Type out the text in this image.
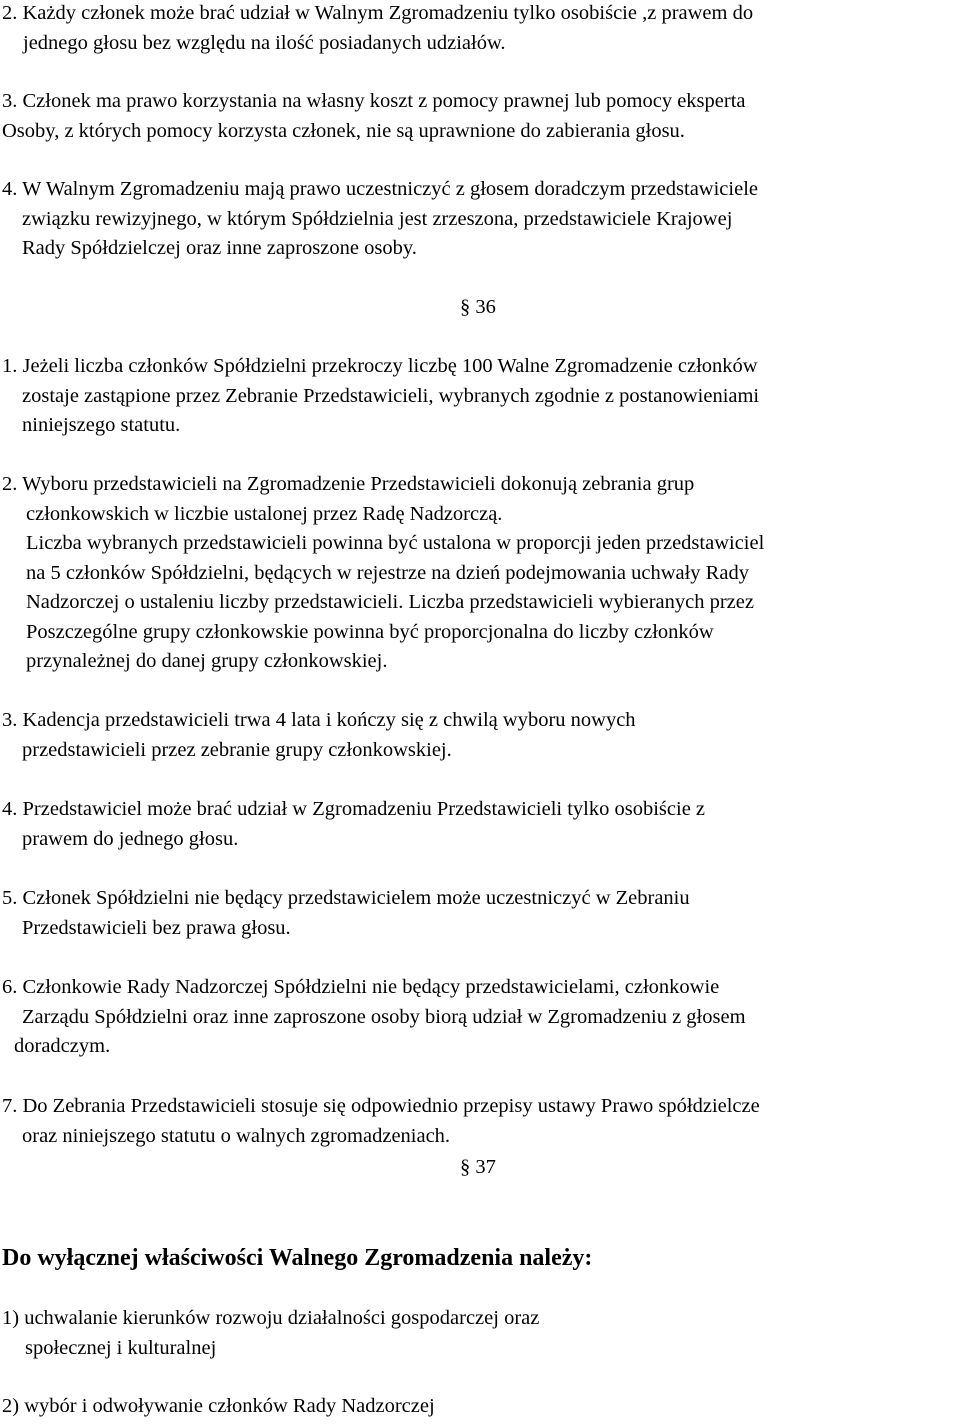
2. Każdy członek może brać udział w Walnym Zgromadzeniu tylko osobiście ,z prawem do
jednego głosu bez względu na ilość posiadanych udziałów.
3. Członek ma prawo korzystania na własny koszt z pomocy prawnej lub pomocy eksperta
Osoby, z których pomocy korzysta członek, nie są uprawnione do zabierania głosu.
4. W Walnym Zgromadzeniu mają prawo uczestniczyć z głosem doradczym przedstawiciele
związku rewizyjnego, w którym Spółdzielnia jest zrzeszona, przedstawiciele Krajowej
Rady Spółdzielczej oraz inne zaproszone osoby.
§ 36
1. Jeżeli liczba członków Spółdzielni przekroczy liczbę 100 Walne Zgromadzenie członków
zostaje zastąpione przez Zebranie Przedstawicieli, wybranych zgodnie z postanowieniami
niniejszego statutu.
2. Wyboru przedstawicieli na Zgromadzenie Przedstawicieli dokonują zebrania grup
członkowskich w liczbie ustalonej przez Radę Nadzorczą.
Liczba wybranych przedstawicieli powinna być ustalona w proporcji jeden przedstawiciel
na 5 członków Spółdzielni, będących w rejestrze na dzień podejmowania uchwały Rady
Nadzorczej o ustaleniu liczby przedstawicieli. Liczba przedstawicieli wybieranych przez
Poszczególne grupy członkowskie powinna być proporcjonalna do liczby członków
przynależnej do danej grupy członkowskiej.
3. Kadencja przedstawicieli trwa 4 lata i kończy się z chwilą wyboru nowych
przedstawicieli przez zebranie grupy członkowskiej.
4. Przedstawiciel może brać udział w Zgromadzeniu Przedstawicieli tylko osobiście z
prawem do jednego głosu.
5. Członek Spółdzielni nie będący przedstawicielem może uczestniczyć w Zebraniu
Przedstawicieli bez prawa głosu.
6. Członkowie Rady Nadzorczej Spółdzielni nie będący przedstawicielami, członkowie
Zarządu Spółdzielni oraz inne zaproszone osoby biorą udział w Zgromadzeniu z głosem
doradczym.
7. Do Zebrania Przedstawicieli stosuje się odpowiednio przepisy ustawy Prawo spółdzielcze
oraz niniejszego statutu o walnych zgromadzeniach.
§ 37
Do wyłącznej właściwości Walnego Zgromadzenia należy:
1) uchwalanie kierunków rozwoju działalności gospodarczej oraz
społecznej i kulturalnej
2) wybór i odwoływanie członków Rady Nadzorczej
